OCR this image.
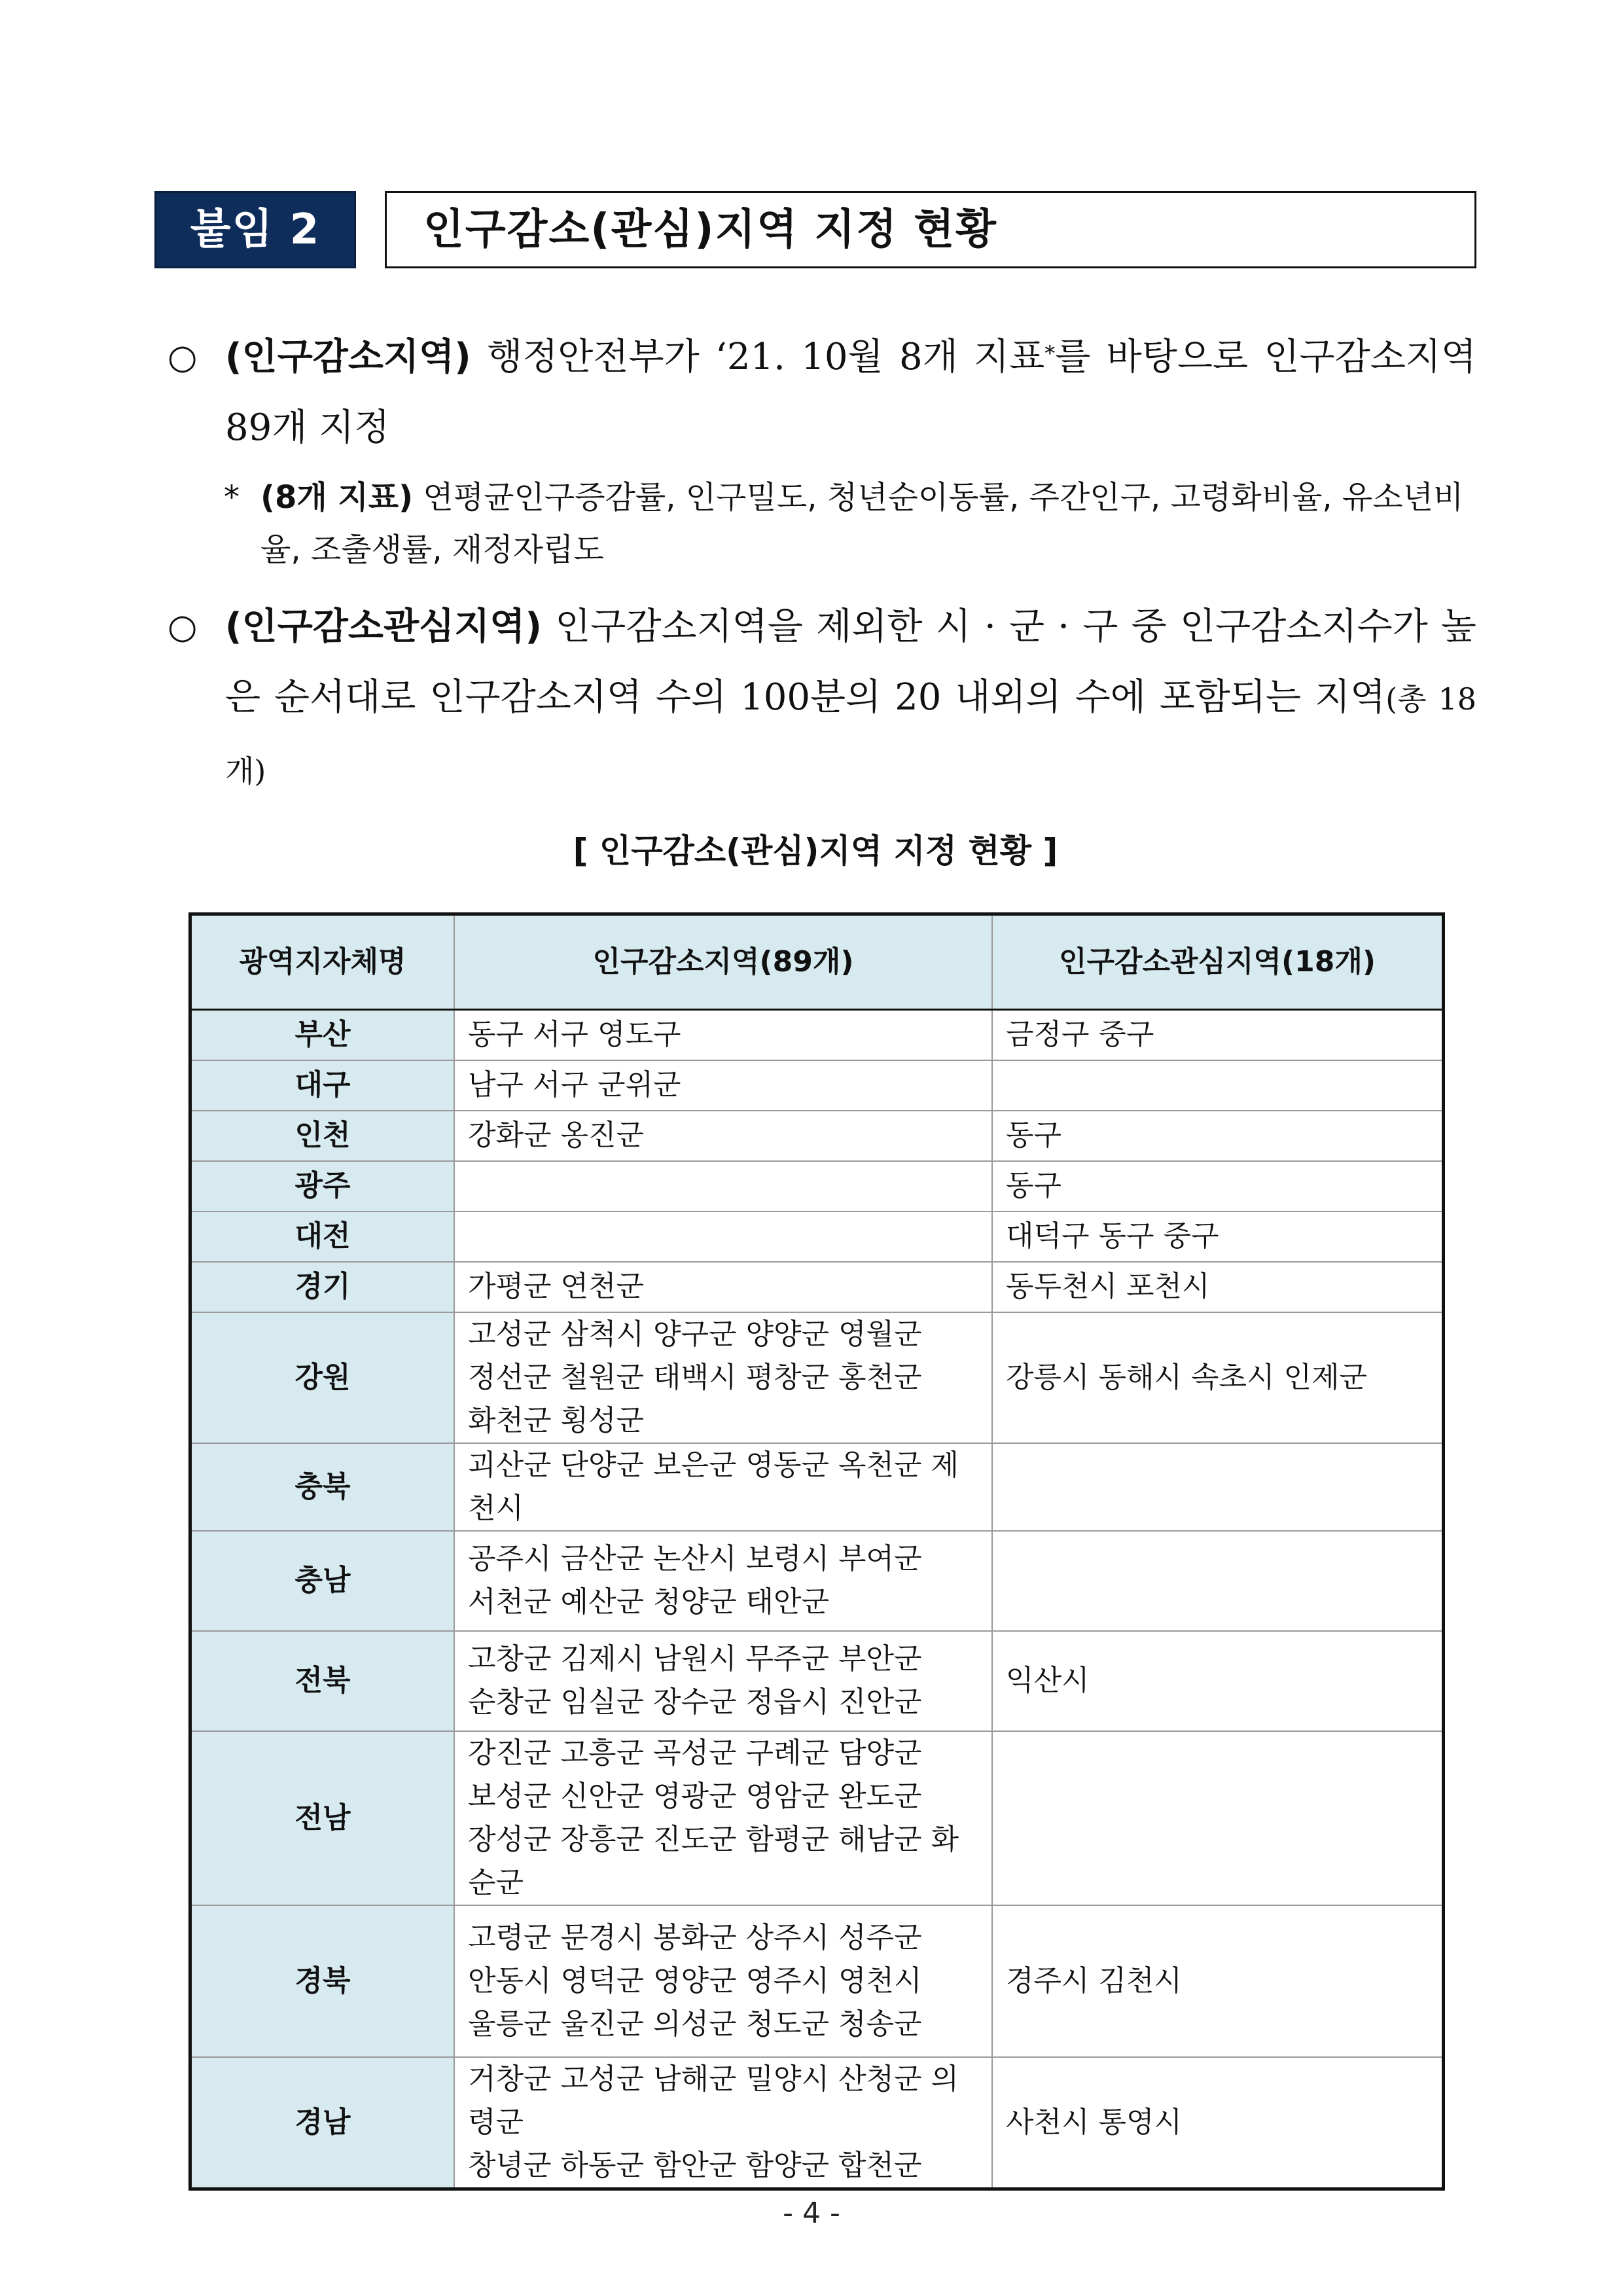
붙임 2	인구감소(관심)지역 지정 현황
○ (인구감소지역) 행정안전부가 ‘21. 10월 8개 지표*를 바탕으로 인구감소지역 89개 지정
* (8개 지표) 연평균인구증감률, 인구밀도, 청년순이동률, 주간인구, 고령화비율, 유소년비율, 조출생률, 재정자립도
○ (인구감소관심지역) 인구감소지역을 제외한 시 · 군 · 구 중 인구감소지수가 높은 순서대로 인구감소지역 수의 100분의 20 내외의 수에 포함되는 지역(총 18개)
[ 인구감소(관심)지역 지정 현황 ]
광역지자체명	인구감소지역(89개)	인구감소관심지역(18개)
부산	동구 서구 영도구	금정구 중구
대구	남구 서구 군위군	

인천	강화군 옹진군	동구
광주		동구
대전		대덕구 동구 중구
경기	가평군 연천군	동두천시 포천시
강원	고성군 삼척시 양구군 양양군 영월군
정선군 철원군 태백시 평창군 홍천군
화천군 횡성군	강릉시 동해시 속초시 인제군
충북	괴산군 단양군 보은군 영동군 옥천군 제천시	

충남	공주시 금산군 논산시 보령시 부여군
서천군 예산군 청양군 태안군	

전북	고창군 김제시 남원시 무주군 부안군
순창군 임실군 장수군 정읍시 진안군	익산시
전남	강진군 고흥군 곡성군 구례군 담양군
보성군 신안군 영광군 영암군 완도군
장성군 장흥군 진도군 함평군 해남군 화순군	

경북	고령군 문경시 봉화군 상주시 성주군
안동시 영덕군 영양군 영주시 영천시
울릉군 울진군 의성군 청도군 청송군	경주시 김천시
경남	거창군 고성군 남해군 밀양시 산청군 의령군
창녕군 하동군 함안군 함양군 합천군	사천시 통영시
- 4 -
